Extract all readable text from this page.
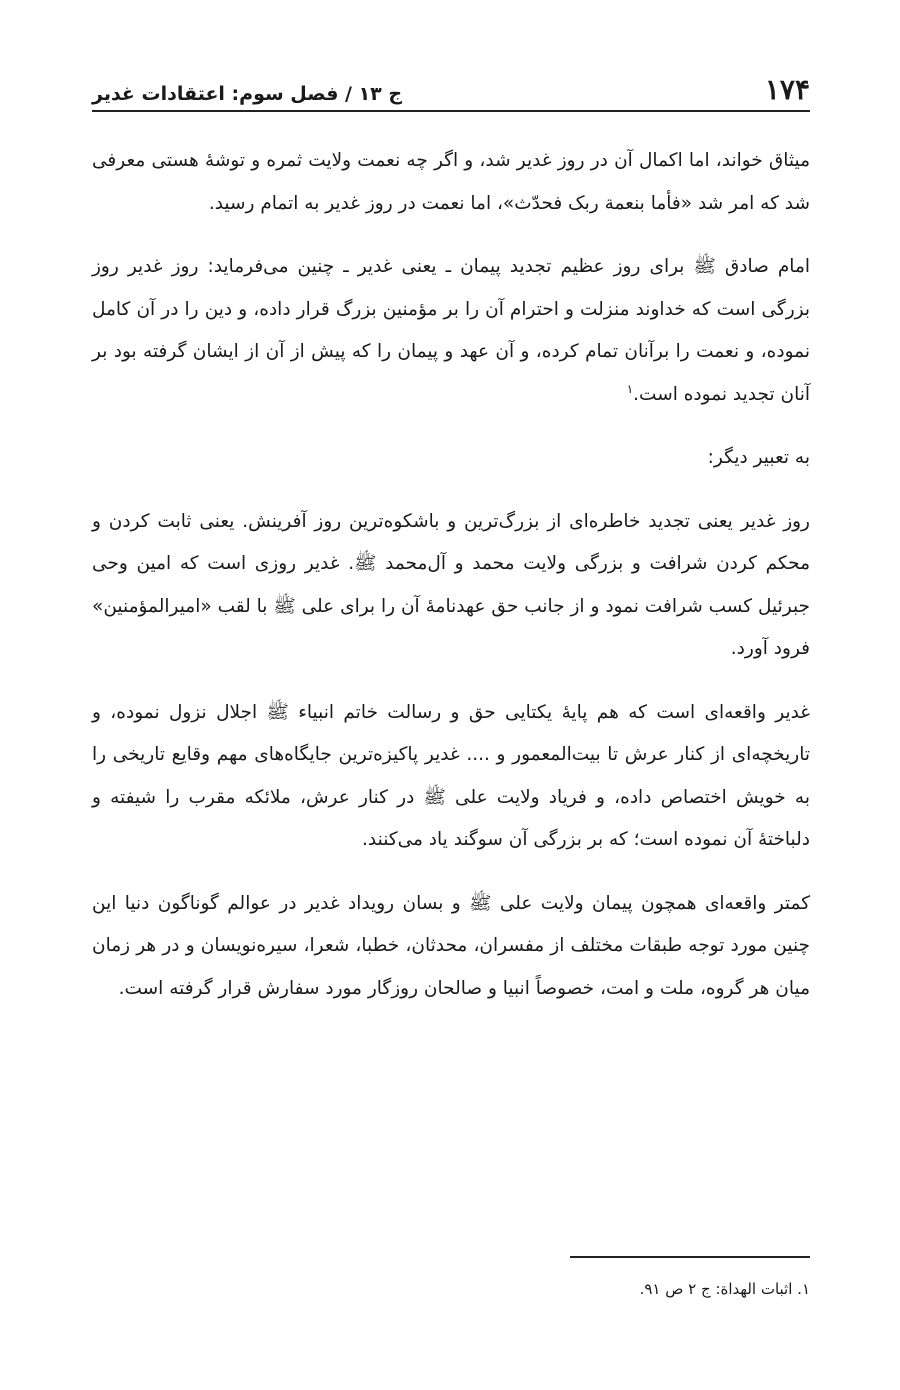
۱۷۴
ج ۱۳ / فصل سوم: اعتقادات غدیر

میثاق خواند، اما اکمال آن در روز غدیر شد، و اگر چه نعمت ولایت ثمره و توشهٔ هستی معرفی شد که امر شد «فأما بنعمة ربک فحدّث»، اما نعمت در روز غدیر به اتمام رسید.

امام صادق ﷺ برای روز عظیم تجدید پیمان ـ یعنی غدیر ـ چنین می‌فرماید: روز غدیر روز بزرگی است که خداوند منزلت و احترام آن را بر مؤمنین بزرگ قرار داده، و دین را در آن کامل نموده، و نعمت را برآنان تمام کرده، و آن عهد و پیمان را که پیش از آن از ایشان گرفته بود بر آنان تجدید نموده است.$^۱$

به تعبیر دیگر:

روز غدیر یعنی تجدید خاطره‌ای از بزرگ‌ترین و باشکوه‌ترین روز آفرینش. یعنی ثابت کردن و محکم کردن شرافت و بزرگی ولایت محمد و آل‌محمد ﷺ. غدیر روزی است که امین وحی جبرئیل کسب شرافت نمود و از جانب حق عهدنامهٔ آن را برای علی ﷺ با لقب «امیرالمؤمنین» فرود آورد.

غدیر واقعه‌ای است که هم پایهٔ یکتایی حق و رسالت خاتم انبیاء ﷺ اجلال نزول نموده، و تاریخچه‌ای از کنار عرش تا بیت‌المعمور و .... غدیر پاکیزه‌ترین جایگاه‌های مهم وقایع تاریخی را به خویش اختصاص داده، و فریاد ولایت علی ﷺ در کنار عرش، ملائکه مقرب را شیفته و دلباختهٔ آن نموده است؛ که بر بزرگی آن سوگند یاد می‌کنند.

کمتر واقعه‌ای همچون پیمان ولایت علی ﷺ و بسان رویداد غدیر در عوالم گوناگون دنیا این چنین مورد توجه طبقات مختلف از مفسران، محدثان، خطبا، شعرا، سیره‌نویسان و در هر زمان میان هر گروه، ملت و امت، خصوصاً انبیا و صالحان روزگار مورد سفارش قرار گرفته است.

۱. اثبات الهداة: ج ۲ ص ۹۱.
